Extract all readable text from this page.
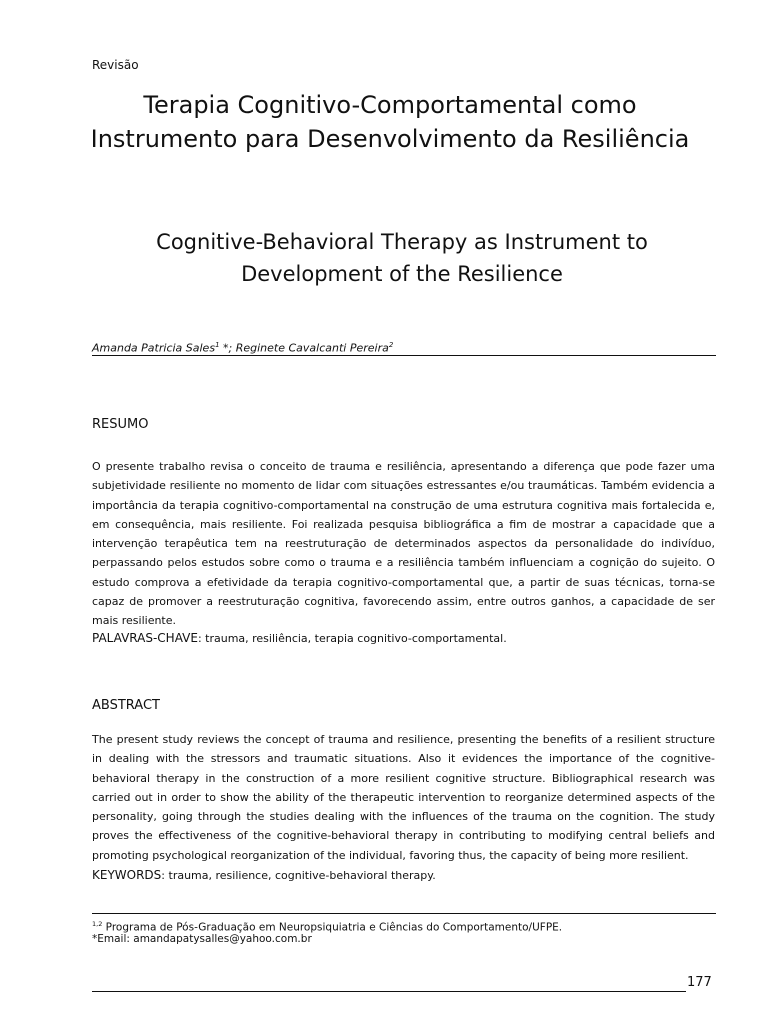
Revisão
Terapia Cognitivo-Comportamental como
Instrumento para Desenvolvimento da Resiliência
Cognitive-Behavioral Therapy as Instrument to
Development of the Resilience
Amanda Patricia Sales$^1$ *; Reginete Cavalcanti Pereira$^2$
RESUMO

O presente trabalho revisa o conceito de trauma e resiliência, apresentando a diferença que pode fazer uma subjetividade resiliente no momento de lidar com situações estressantes e/ou traumáticas. Também evidencia a importância da terapia cognitivo-comportamental na construção de uma estrutura cognitiva mais fortalecida e, em consequência, mais resiliente. Foi realizada pesquisa bibliográfica a fim de mostrar a capacidade que a intervenção terapêutica tem na reestruturação de determinados aspectos da personalidade do indivíduo, perpassando pelos estudos sobre como o trauma e a resiliência também influenciam a cognição do sujeito. O estudo comprova a efetividade da terapia cognitivo-comportamental que, a partir de suas técnicas, torna-se capaz de promover a reestruturação cognitiva, favorecendo assim, entre outros ganhos, a capacidade de ser mais resiliente.

PALAVRAS-CHAVE: trauma, resiliência, terapia cognitivo-comportamental.
ABSTRACT

The present study reviews the concept of trauma and resilience, presenting the benefits of a resilient structure in dealing with the stressors and traumatic situations. Also it evidences the importance of the cognitive-behavioral therapy in the construction of a more resilient cognitive structure. Bibliographical research was carried out in order to show the ability of the therapeutic intervention to reorganize determined aspects of the personality, going through the studies dealing with the influences of the trauma on the cognition. The study proves the effectiveness of the cognitive-behavioral therapy in contributing to modifying central beliefs and promoting psychological reorganization of the individual, favoring thus, the capacity of being more resilient.

KEYWORDS: trauma, resilience, cognitive-behavioral therapy.
$^{1,2}$ Programa de Pós-Graduação em Neuropsiquiatria e Ciências do Comportamento/UFPE.
*Email: amandapatysalles@yahoo.com.br
177
